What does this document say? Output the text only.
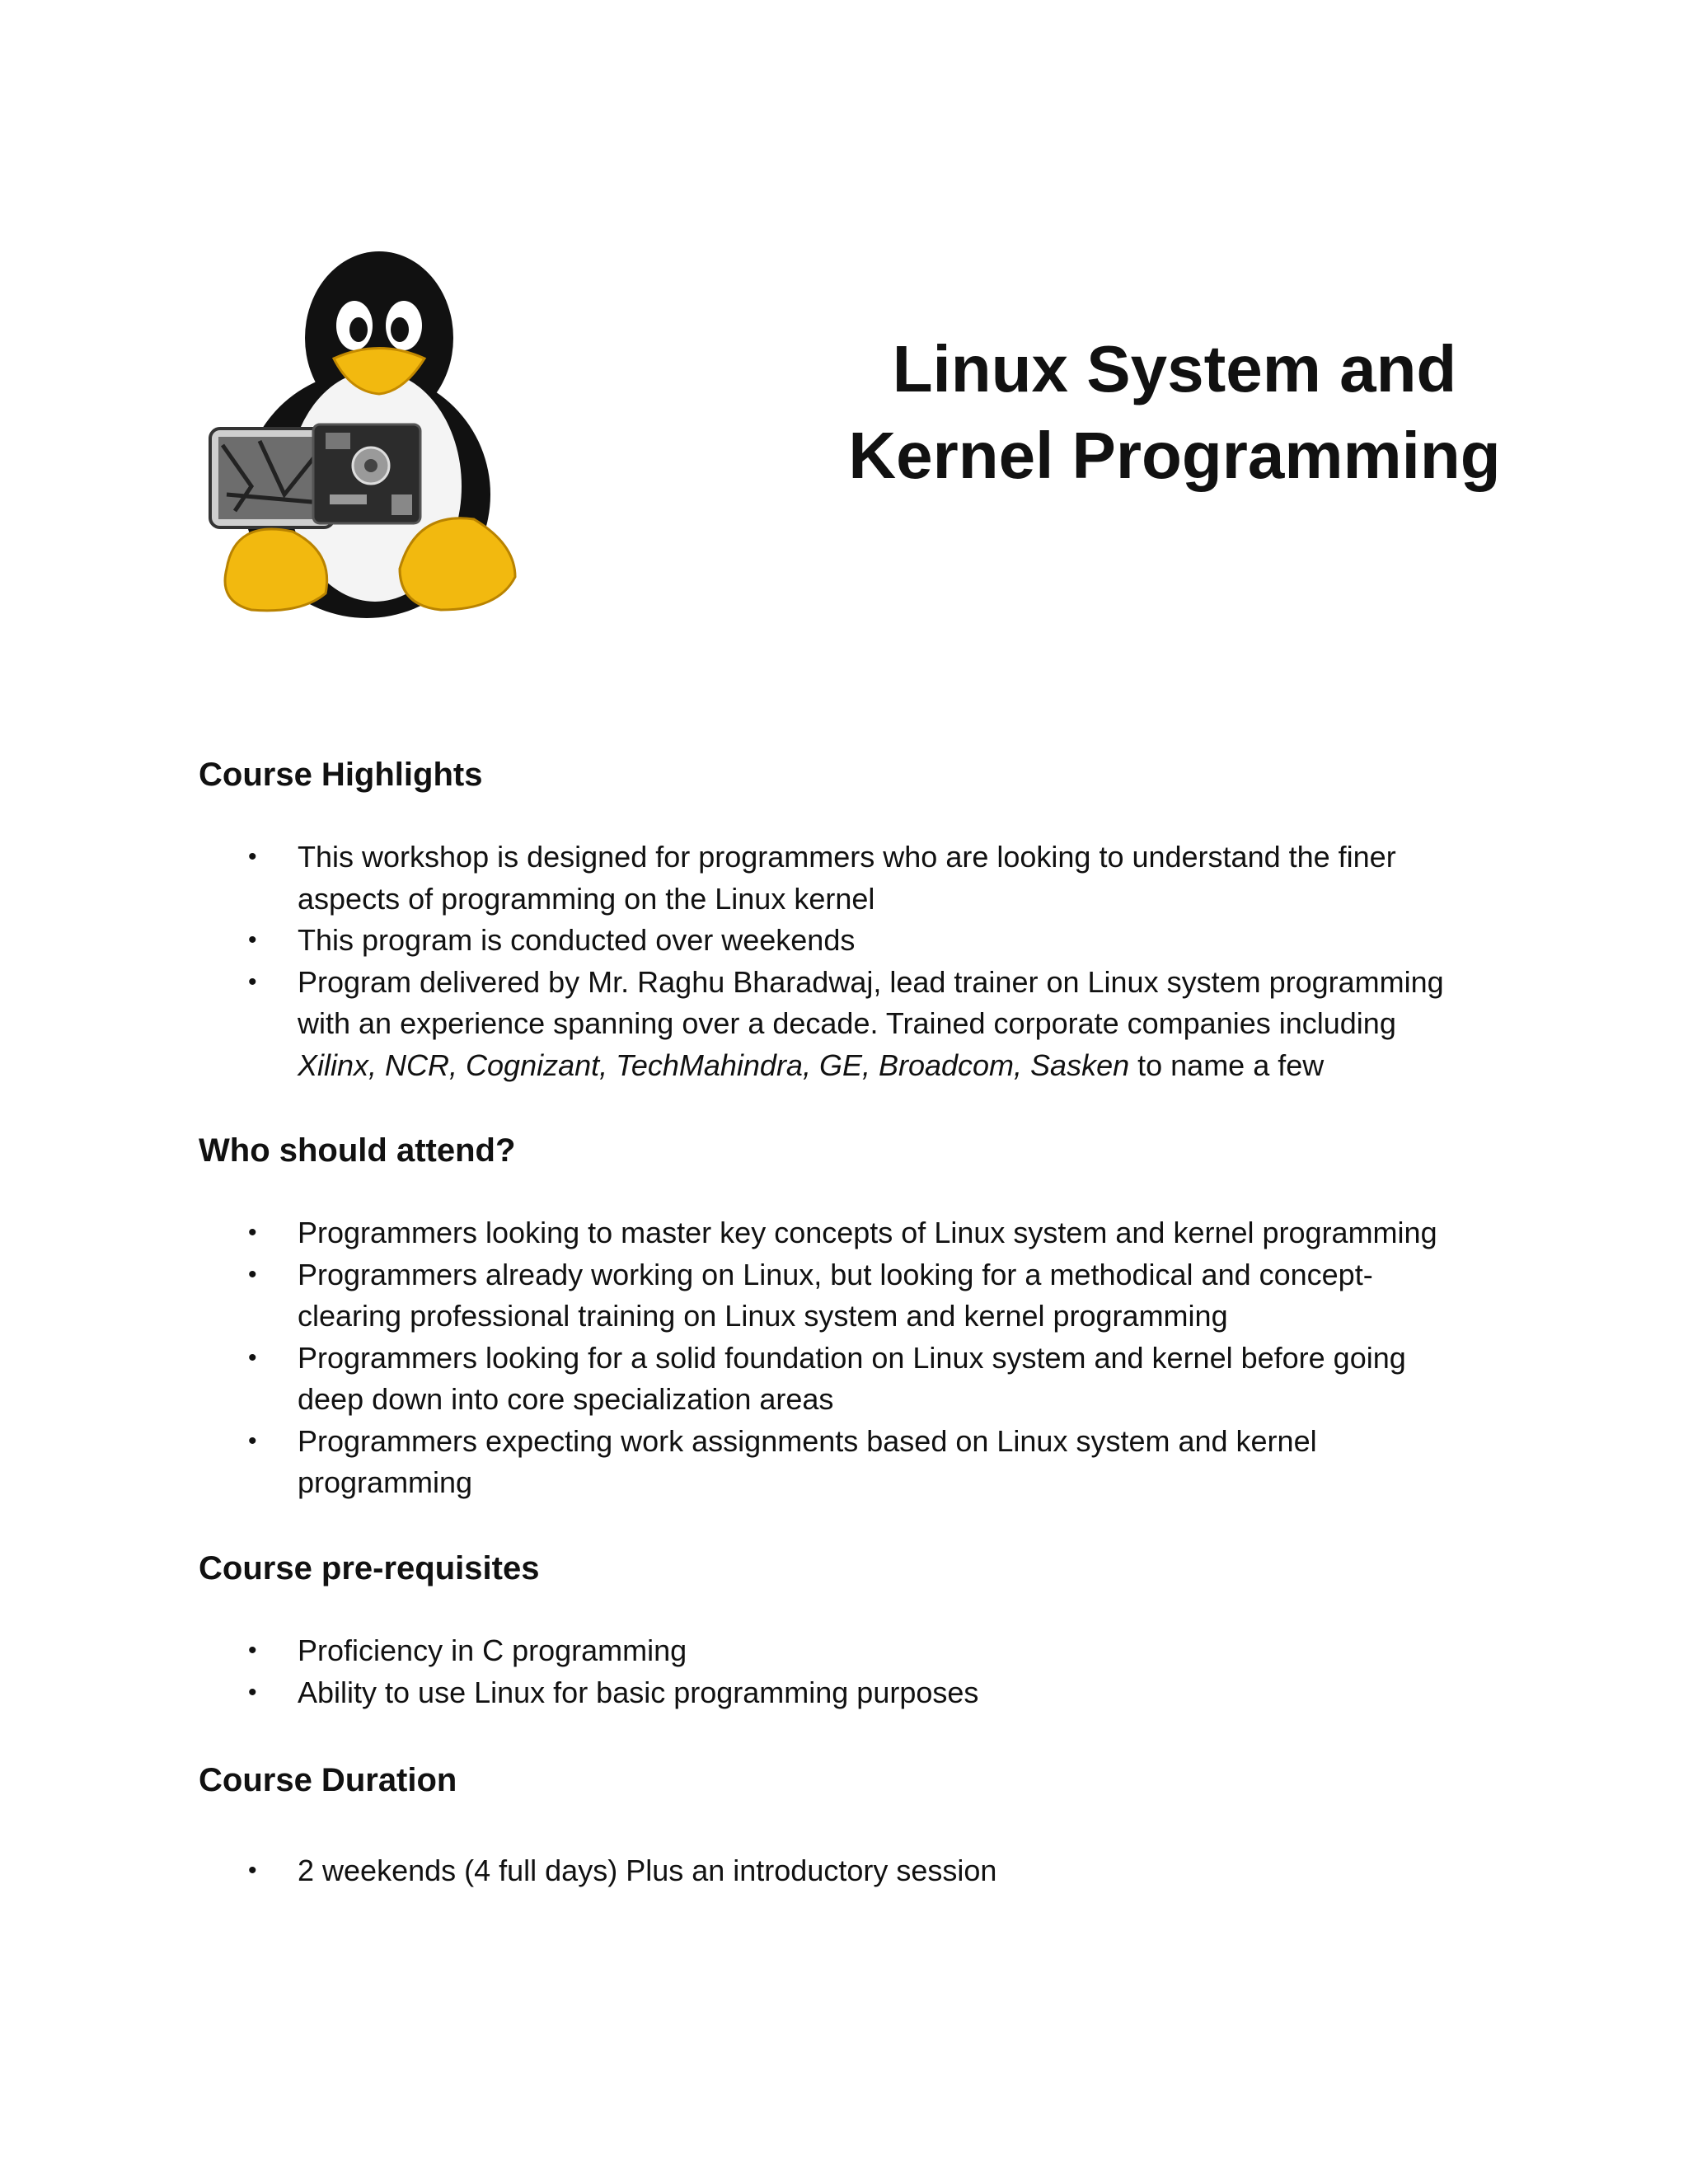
Linux System and
Kernel Programming
Course Highlights
• This workshop is designed for programmers who are looking to understand the finer
aspects of programming on the Linux kernel
• This program is conducted over weekends
• Program delivered by Mr. Raghu Bharadwaj, lead trainer on Linux system programming
with an experience spanning over a decade. Trained corporate companies including
Xilinx, NCR, Cognizant, TechMahindra, GE, Broadcom, Sasken to name a few
Who should attend?
• Programmers looking to master key concepts of Linux system and kernel programming
• Programmers already working on Linux, but looking for a methodical and concept-
clearing professional training on Linux system and kernel programming
• Programmers looking for a solid foundation on Linux system and kernel before going
deep down into core specialization areas
• Programmers expecting work assignments based on Linux system and kernel
programming
Course pre-requisites
• Proficiency in C programming
• Ability to use Linux for basic programming purposes
Course Duration
• 2 weekends (4 full days) Plus an introductory session
